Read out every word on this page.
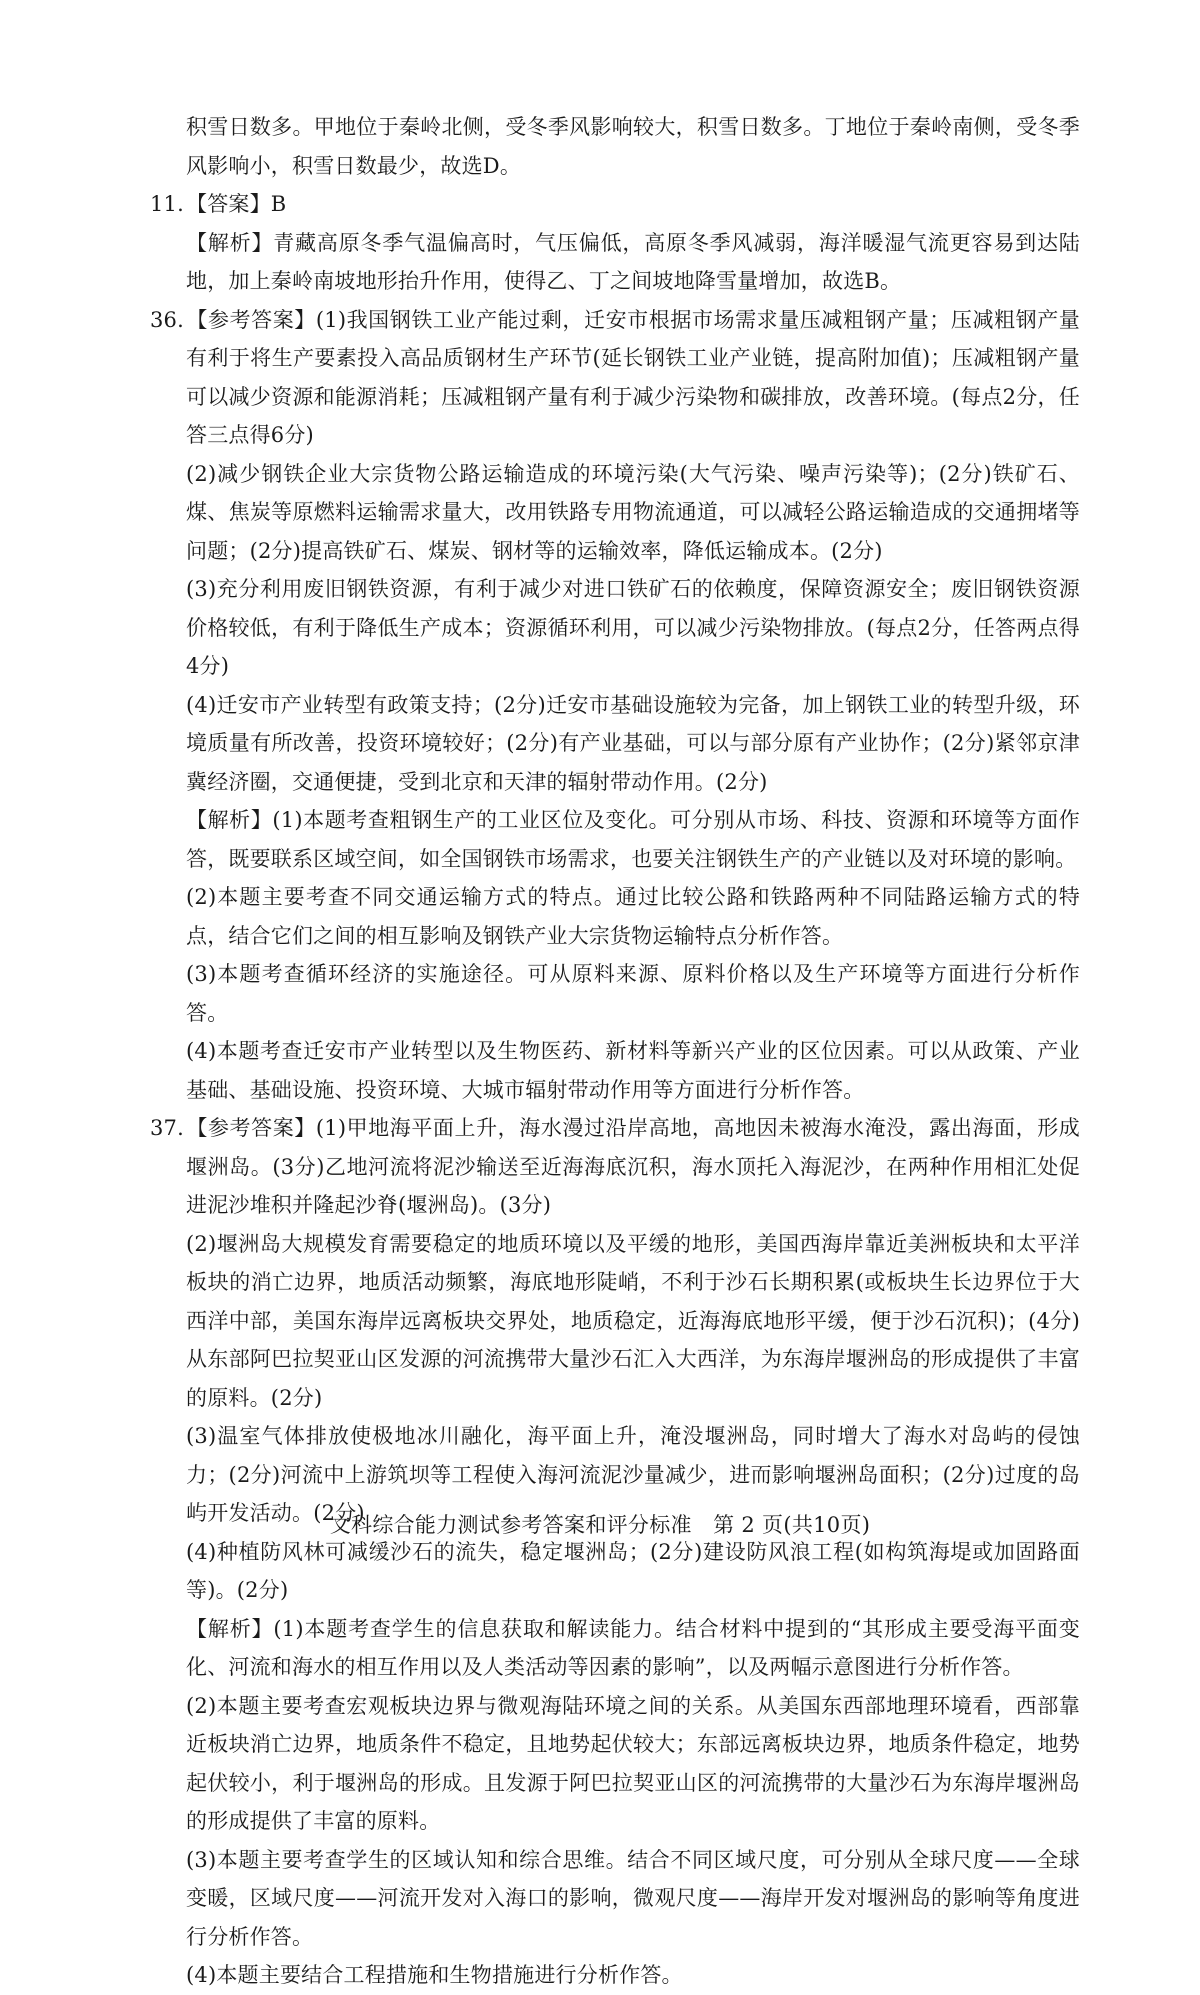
积雪日数多。甲地位于秦岭北侧，受冬季风影响较大，积雪日数多。丁地位于秦岭南侧，受冬季风影响小，积雪日数最少，故选D。

11.【答案】B

【解析】青藏高原冬季气温偏高时，气压偏低，高原冬季风减弱，海洋暖湿气流更容易到达陆地，加上秦岭南坡地形抬升作用，使得乙、丁之间坡地降雪量增加，故选B。

36.【参考答案】(1)我国钢铁工业产能过剩，迁安市根据市场需求量压减粗钢产量；压减粗钢产量有利于将生产要素投入高品质钢材生产环节(延长钢铁工业产业链，提高附加值)；压减粗钢产量可以减少资源和能源消耗；压减粗钢产量有利于减少污染物和碳排放，改善环境。(每点2分，任答三点得6分)

(2)减少钢铁企业大宗货物公路运输造成的环境污染(大气污染、噪声污染等)；(2分)铁矿石、煤、焦炭等原燃料运输需求量大，改用铁路专用物流通道，可以减轻公路运输造成的交通拥堵等问题；(2分)提高铁矿石、煤炭、钢材等的运输效率，降低运输成本。(2分)

(3)充分利用废旧钢铁资源，有利于减少对进口铁矿石的依赖度，保障资源安全；废旧钢铁资源价格较低，有利于降低生产成本；资源循环利用，可以减少污染物排放。(每点2分，任答两点得4分)

(4)迁安市产业转型有政策支持；(2分)迁安市基础设施较为完备，加上钢铁工业的转型升级，环境质量有所改善，投资环境较好；(2分)有产业基础，可以与部分原有产业协作；(2分)紧邻京津冀经济圈，交通便捷，受到北京和天津的辐射带动作用。(2分)

【解析】(1)本题考查粗钢生产的工业区位及变化。可分别从市场、科技、资源和环境等方面作答，既要联系区域空间，如全国钢铁市场需求，也要关注钢铁生产的产业链以及对环境的影响。

(2)本题主要考查不同交通运输方式的特点。通过比较公路和铁路两种不同陆路运输方式的特点，结合它们之间的相互影响及钢铁产业大宗货物运输特点分析作答。

(3)本题考查循环经济的实施途径。可从原料来源、原料价格以及生产环境等方面进行分析作答。

(4)本题考查迁安市产业转型以及生物医药、新材料等新兴产业的区位因素。可以从政策、产业基础、基础设施、投资环境、大城市辐射带动作用等方面进行分析作答。

37.【参考答案】(1)甲地海平面上升，海水漫过沿岸高地，高地因未被海水淹没，露出海面，形成堰洲岛。(3分)乙地河流将泥沙输送至近海海底沉积，海水顶托入海泥沙，在两种作用相汇处促进泥沙堆积并隆起沙脊(堰洲岛)。(3分)

(2)堰洲岛大规模发育需要稳定的地质环境以及平缓的地形，美国西海岸靠近美洲板块和太平洋板块的消亡边界，地质活动频繁，海底地形陡峭，不利于沙石长期积累(或板块生长边界位于大西洋中部，美国东海岸远离板块交界处，地质稳定，近海海底地形平缓，便于沙石沉积)；(4分)从东部阿巴拉契亚山区发源的河流携带大量沙石汇入大西洋，为东海岸堰洲岛的形成提供了丰富的原料。(2分)

(3)温室气体排放使极地冰川融化，海平面上升，淹没堰洲岛，同时增大了海水对岛屿的侵蚀力；(2分)河流中上游筑坝等工程使入海河流泥沙量减少，进而影响堰洲岛面积；(2分)过度的岛屿开发活动。(2分)

(4)种植防风林可减缓沙石的流失，稳定堰洲岛；(2分)建设防风浪工程(如构筑海堤或加固路面等)。(2分)

【解析】(1)本题考查学生的信息获取和解读能力。结合材料中提到的“其形成主要受海平面变化、河流和海水的相互作用以及人类活动等因素的影响”，以及两幅示意图进行分析作答。

(2)本题主要考查宏观板块边界与微观海陆环境之间的关系。从美国东西部地理环境看，西部靠近板块消亡边界，地质条件不稳定，且地势起伏较大；东部远离板块边界，地质条件稳定，地势起伏较小，利于堰洲岛的形成。且发源于阿巴拉契亚山区的河流携带的大量沙石为东海岸堰洲岛的形成提供了丰富的原料。

(3)本题主要考查学生的区域认知和综合思维。结合不同区域尺度，可分别从全球尺度——全球变暖，区域尺度——河流开发对入海口的影响，微观尺度——海岸开发对堰洲岛的影响等角度进行分析作答。

(4)本题主要结合工程措施和生物措施进行分析作答。

文科综合能力测试参考答案和评分标准　第 2 页(共10页)
